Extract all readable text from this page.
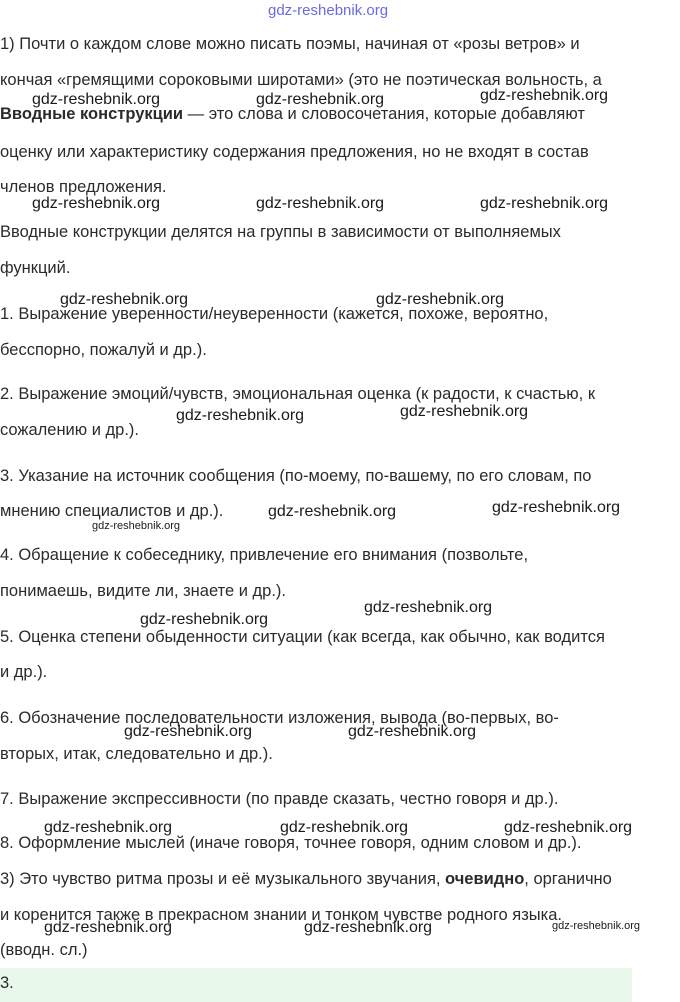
gdz-reshebnik.org
1) Почти о каждом слове можно писать поэмы, начиная от «розы ветров» и
кончая «гремящими сороковыми широтами» (это не поэтическая вольность, а
Вводные конструкции — это слова и словосочетания, которые добавляют
оценку или характеристику содержания предложения, но не входят в состав
членов предложения.
Вводные конструкции делятся на группы в зависимости от выполняемых
функций.
1. Выражение уверенности/неуверенности (кажется, похоже, вероятно,
бесспорно, пожалуй и др.).
2. Выражение эмоций/чувств, эмоциональная оценка (к радости, к счастью, к
сожалению и др.).
3. Указание на источник сообщения (по-моему, по-вашему, по его словам, по
мнению специалистов и др.).
4. Обращение к собеседнику, привлечение его внимания (позвольте,
понимаешь, видите ли, знаете и др.).
5. Оценка степени обыденности ситуации (как всегда, как обычно, как водится
и др.).
6. Обозначение последовательности изложения, вывода (во-первых, во-
вторых, итак, следовательно и др.).
7. Выражение экспрессивности (по правде сказать, честно говоря и др.).
8. Оформление мыслей (иначе говоря, точнее говоря, одним словом и др.).
3) Это чувство ритма прозы и её музыкального звучания, очевидно, органично
и коренится также в прекрасном знании и тонком чувстве родного языка.
(вводн. сл.)
3.
gdz-reshebnik.org	gdz-reshebnik.org	gdz-reshebnik.org
gdz-reshebnik.org	gdz-reshebnik.org	gdz-reshebnik.org
gdz-reshebnik.org	gdz-reshebnik.org
gdz-reshebnik.org	gdz-reshebnik.org
gdz-reshebnik.org	gdz-reshebnik.org
gdz-reshebnik.org
gdz-reshebnik.org
gdz-reshebnik.org
gdz-reshebnik.org	gdz-reshebnik.org
gdz-reshebnik.org	gdz-reshebnik.org	gdz-reshebnik.org
gdz-reshebnik.org	gdz-reshebnik.org	gdz-reshebnik.org
